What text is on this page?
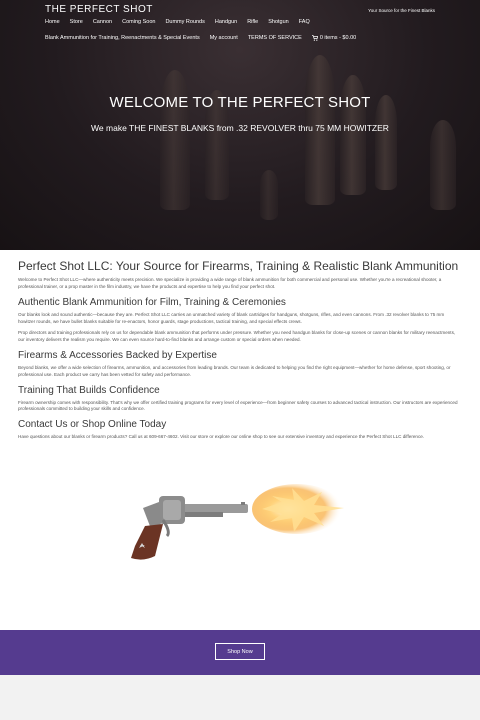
THE PERFECT SHOT	Your Source for the Finest Blanks
Home Store Cannon Coming Soon Dummy Rounds Handgun Rifle Shotgun FAQ
Blank Ammunition for Training, Reenactments & Special Events My account TERMS OF SERVICE	0 items - $0.00
WELCOME TO THE PERFECT SHOT
We make THE FINEST BLANKS from .32 REVOLVER thru 75 MM HOWITZER
Perfect Shot LLC: Your Source for Firearms, Training & Realistic Blank Ammunition

Welcome to Perfect Shot LLC—where authenticity meets precision. We specialize in providing a wide range of blank ammunition for both commercial and personal use. Whether you're a recreational shooter, a professional trainer, or a prop master in the film industry, we have the products and expertise to help you find your perfect shot.

Authentic Blank Ammunition for Film, Training & Ceremonies

Our blanks look and sound authentic—because they are. Perfect Shot LLC carries an unmatched variety of blank cartridges for handguns, shotguns, rifles, and even cannons. From .32 revolver blanks to 75 mm howitzer rounds, we have bullet blanks suitable for re-enactors, honor guards, stage productions, tactical training, and special effects crews.

Prop directors and training professionals rely on us for dependable blank ammunition that performs under pressure. Whether you need handgun blanks for close-up scenes or cannon blanks for military reenactments, our inventory delivers the realism you require. We can even source hard-to-find blanks and arrange custom or special orders when needed.

Firearms & Accessories Backed by Expertise

Beyond blanks, we offer a wide selection of firearms, ammunition, and accessories from leading brands. Our team is dedicated to helping you find the right equipment—whether for home defense, sport shooting, or professional use. Each product we carry has been vetted for safety and performance.

Training That Builds Confidence

Firearm ownership comes with responsibility. That's why we offer certified training programs for every level of experience—from beginner safety courses to advanced tactical instruction. Our instructors are experienced professionals committed to building your skills and confidence.

Contact Us or Shop Online Today

Have questions about our blanks or firearm products? Call us at 609-667-4602. Visit our store or explore our online shop to see our extensive inventory and experience the Perfect Shot LLC difference.

Shop Now
